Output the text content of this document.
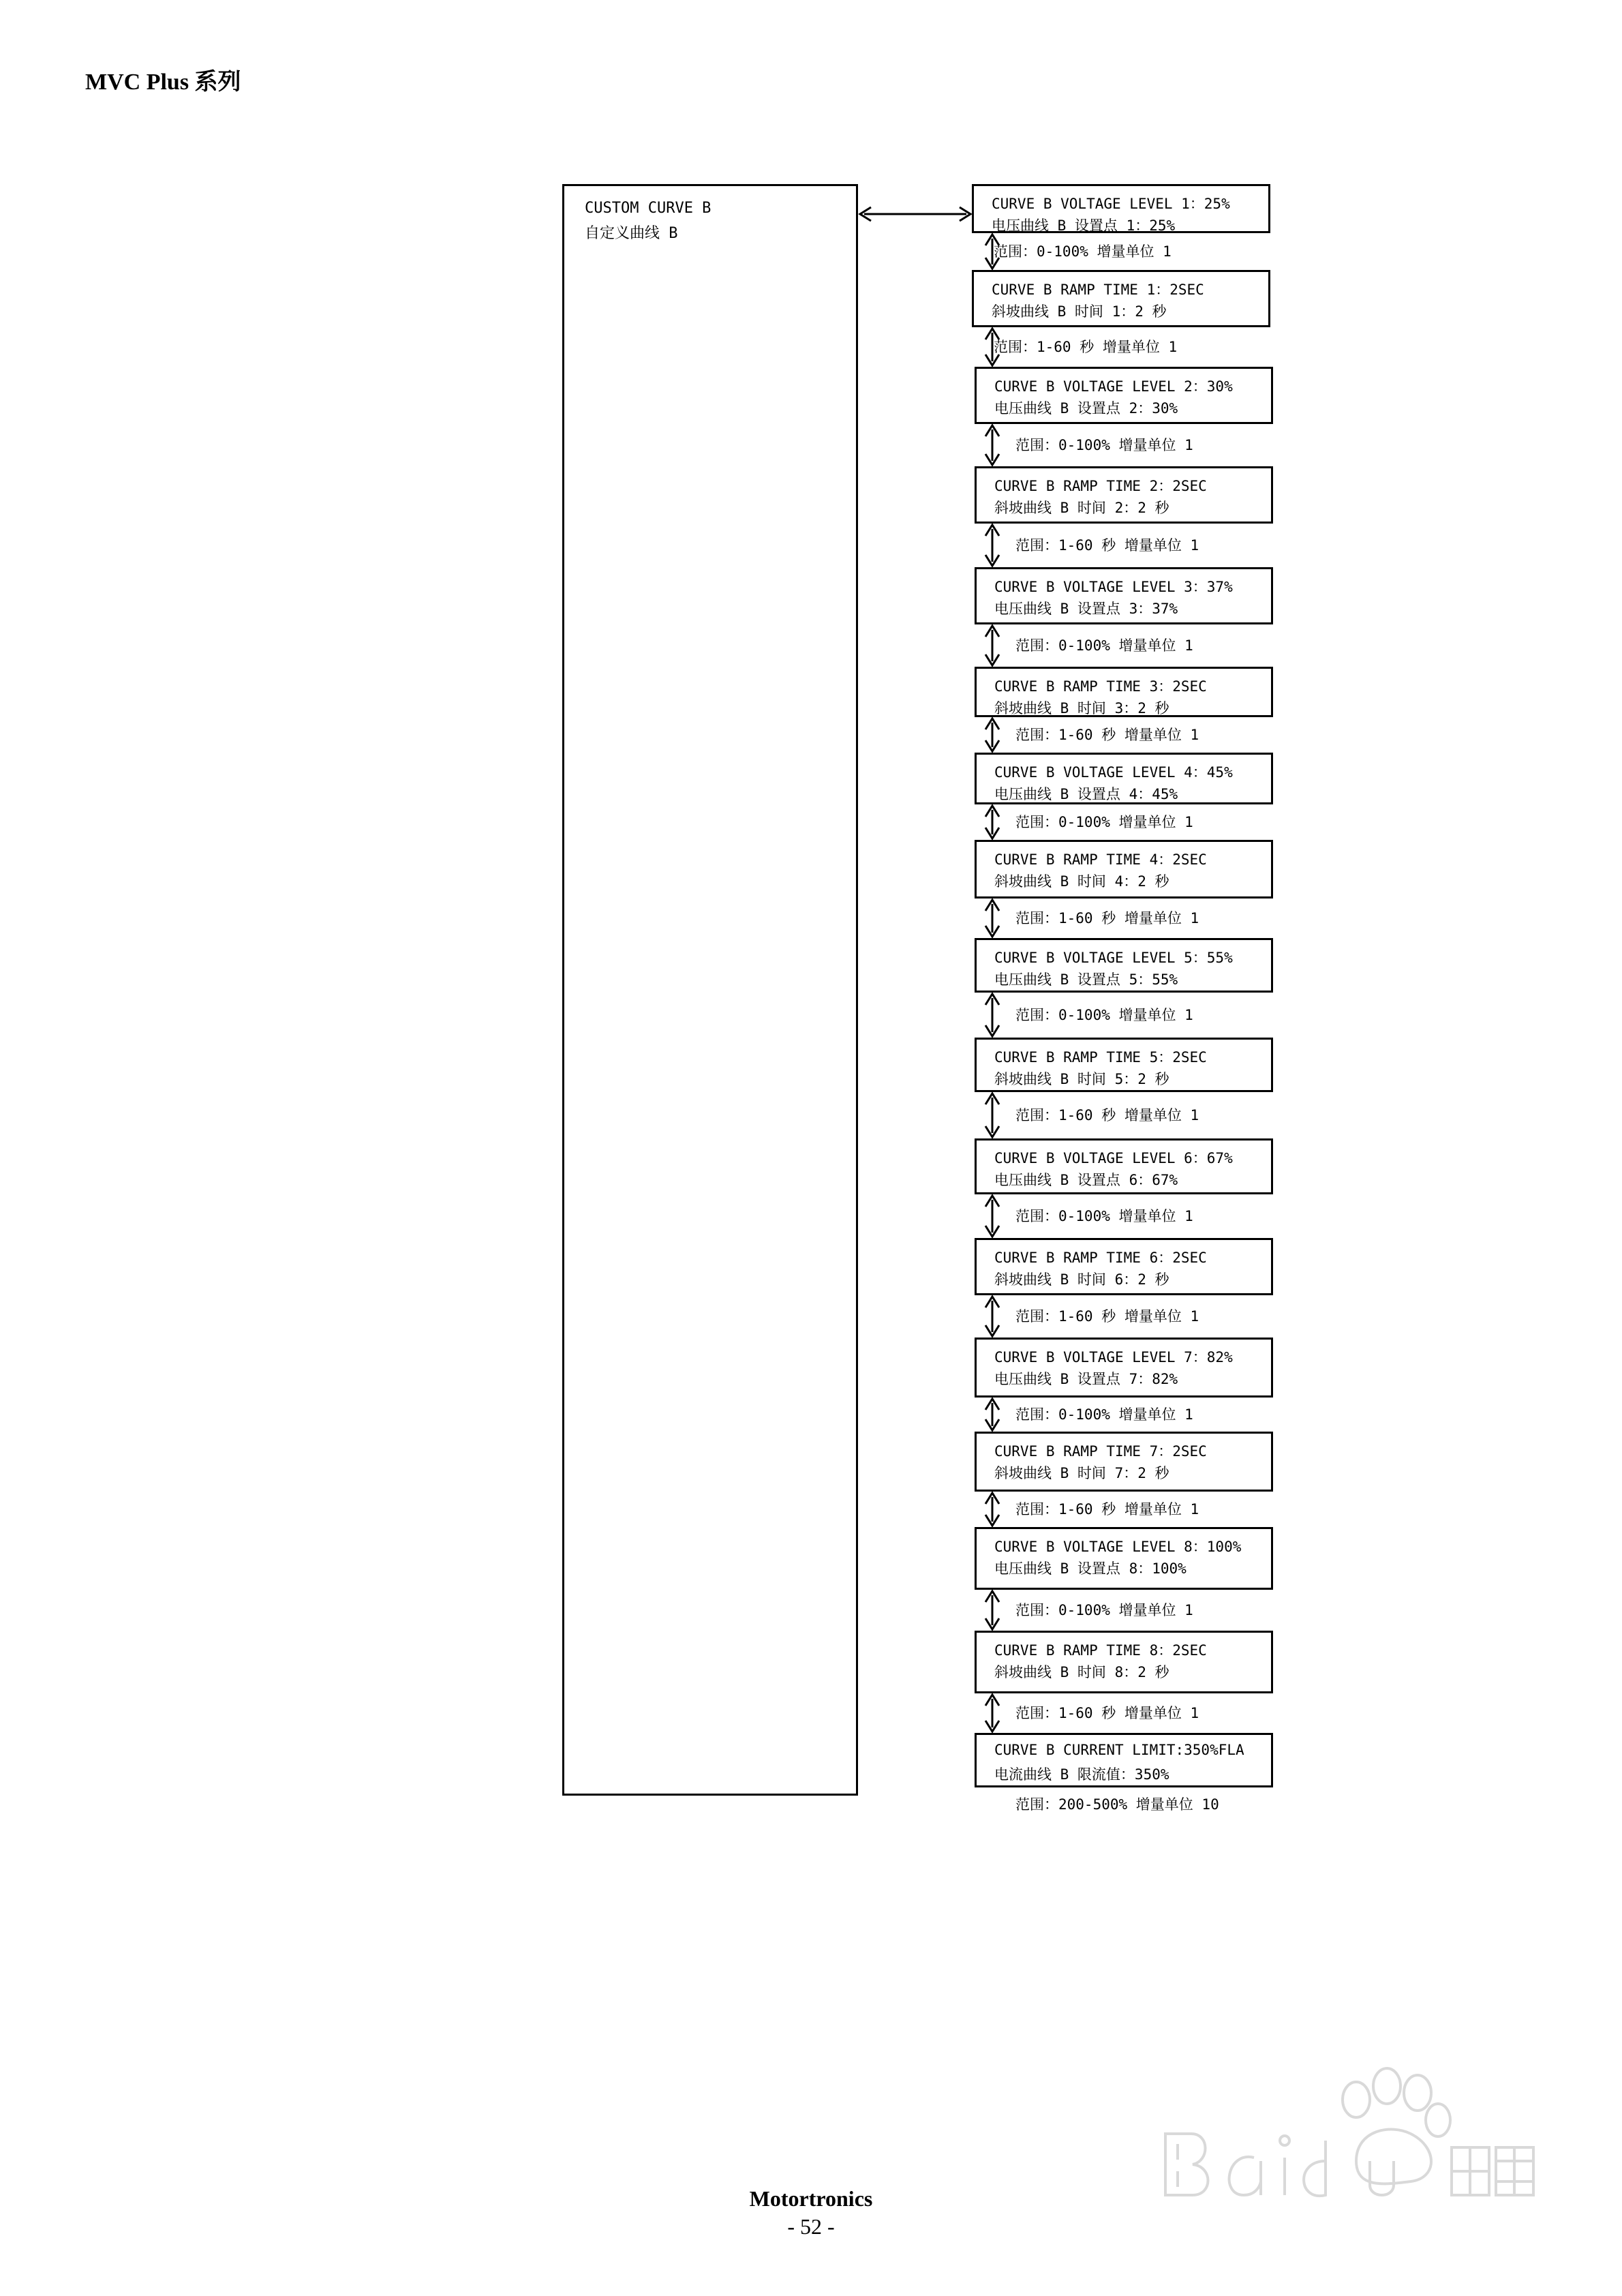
MVC Plus 系列
CUSTOM CURVE B
自定义曲线 B
CURVE B VOLTAGE LEVEL 1：25%
电压曲线 B 设置点 1：25%
范围：0-100% 增量单位 1
CURVE B RAMP TIME 1：2SEC
斜坡曲线 B 时间 1：2 秒
范围：1-60 秒 增量单位 1
CURVE B VOLTAGE LEVEL 2：30%
电压曲线 B 设置点 2：30%
范围：0-100% 增量单位 1
CURVE B RAMP TIME 2：2SEC
斜坡曲线 B 时间 2：2 秒
范围：1-60 秒 增量单位 1
CURVE B VOLTAGE LEVEL 3：37%
电压曲线 B 设置点 3：37%
范围：0-100% 增量单位 1
CURVE B RAMP TIME 3：2SEC
斜坡曲线 B 时间 3：2 秒
范围：1-60 秒 增量单位 1
CURVE B VOLTAGE LEVEL 4：45%
电压曲线 B 设置点 4：45%
范围：0-100% 增量单位 1
CURVE B RAMP TIME 4：2SEC
斜坡曲线 B 时间 4：2 秒
范围：1-60 秒 增量单位 1
CURVE B VOLTAGE LEVEL 5：55%
电压曲线 B 设置点 5：55%
范围：0-100% 增量单位 1
CURVE B RAMP TIME 5：2SEC
斜坡曲线 B 时间 5：2 秒
范围：1-60 秒 增量单位 1
CURVE B VOLTAGE LEVEL 6：67%
电压曲线 B 设置点 6：67%
范围：0-100% 增量单位 1
CURVE B RAMP TIME 6：2SEC
斜坡曲线 B 时间 6：2 秒
范围：1-60 秒 增量单位 1
CURVE B VOLTAGE LEVEL 7：82%
电压曲线 B 设置点 7：82%
范围：0-100% 增量单位 1
CURVE B RAMP TIME 7：2SEC
斜坡曲线 B 时间 7：2 秒
范围：1-60 秒 增量单位 1
CURVE B VOLTAGE LEVEL 8：100%
电压曲线 B 设置点 8：100%
范围：0-100% 增量单位 1
CURVE B RAMP TIME 8：2SEC
斜坡曲线 B 时间 8：2 秒
范围：1-60 秒 增量单位 1
CURVE B CURRENT LIMIT:350%FLA
电流曲线 B 限流值：350%
范围：200-500% 增量单位 10
Motortronics
- 52 -
